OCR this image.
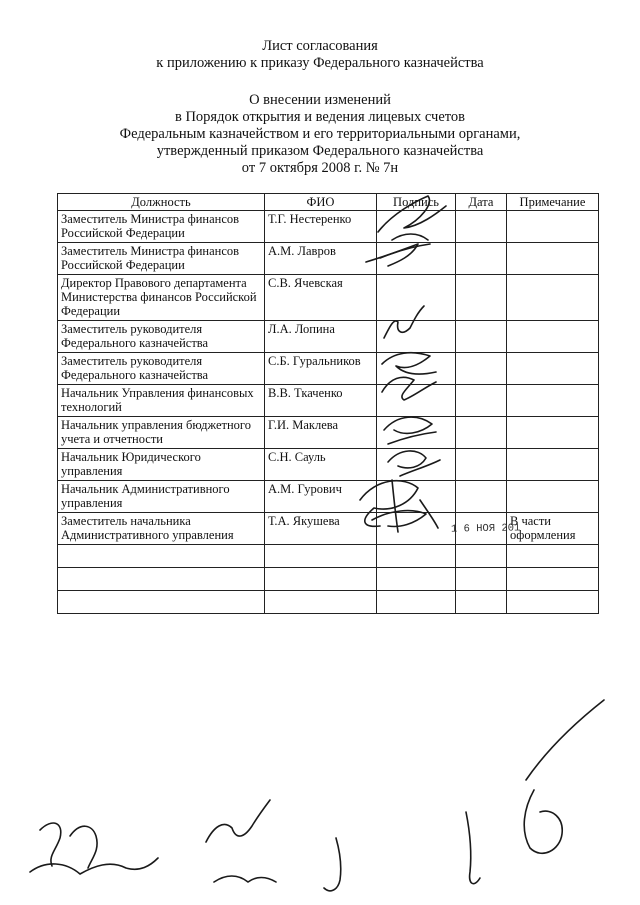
Лист согласования
к приложению к приказу Федерального казначейства
О внесении изменений
в Порядок открытия и ведения лицевых счетов
Федеральным казначейством и его территориальными органами,
утвержденный приказом Федерального казначейства
от 7 октября 2008 г. № 7н
Должность	ФИО	Подпись	Дата	Примечание
Заместитель Министра финансов Российской Федерации	Т.Г. Нестеренко			
Заместитель Министра финансов Российской Федерации	А.М. Лавров			
Директор Правового департамента Министерства финансов Российской Федерации	С.В. Ячевская			
Заместитель руководителя Федерального казначейства	Л.А. Лопина			
Заместитель руководителя Федерального казначейства	С.Б. Гуральников			
Начальник Управления финансовых технологий	В.В. Ткаченко			
Начальник управления бюджетного учета и отчетности	Г.И. Маклева			
Начальник Юридического управления	С.Н. Сауль			
Начальник Административного управления	А.М. Гурович			
Заместитель начальника Административного управления	Т.А. Якушева		1 6 НОЯ 201	В части оформления
